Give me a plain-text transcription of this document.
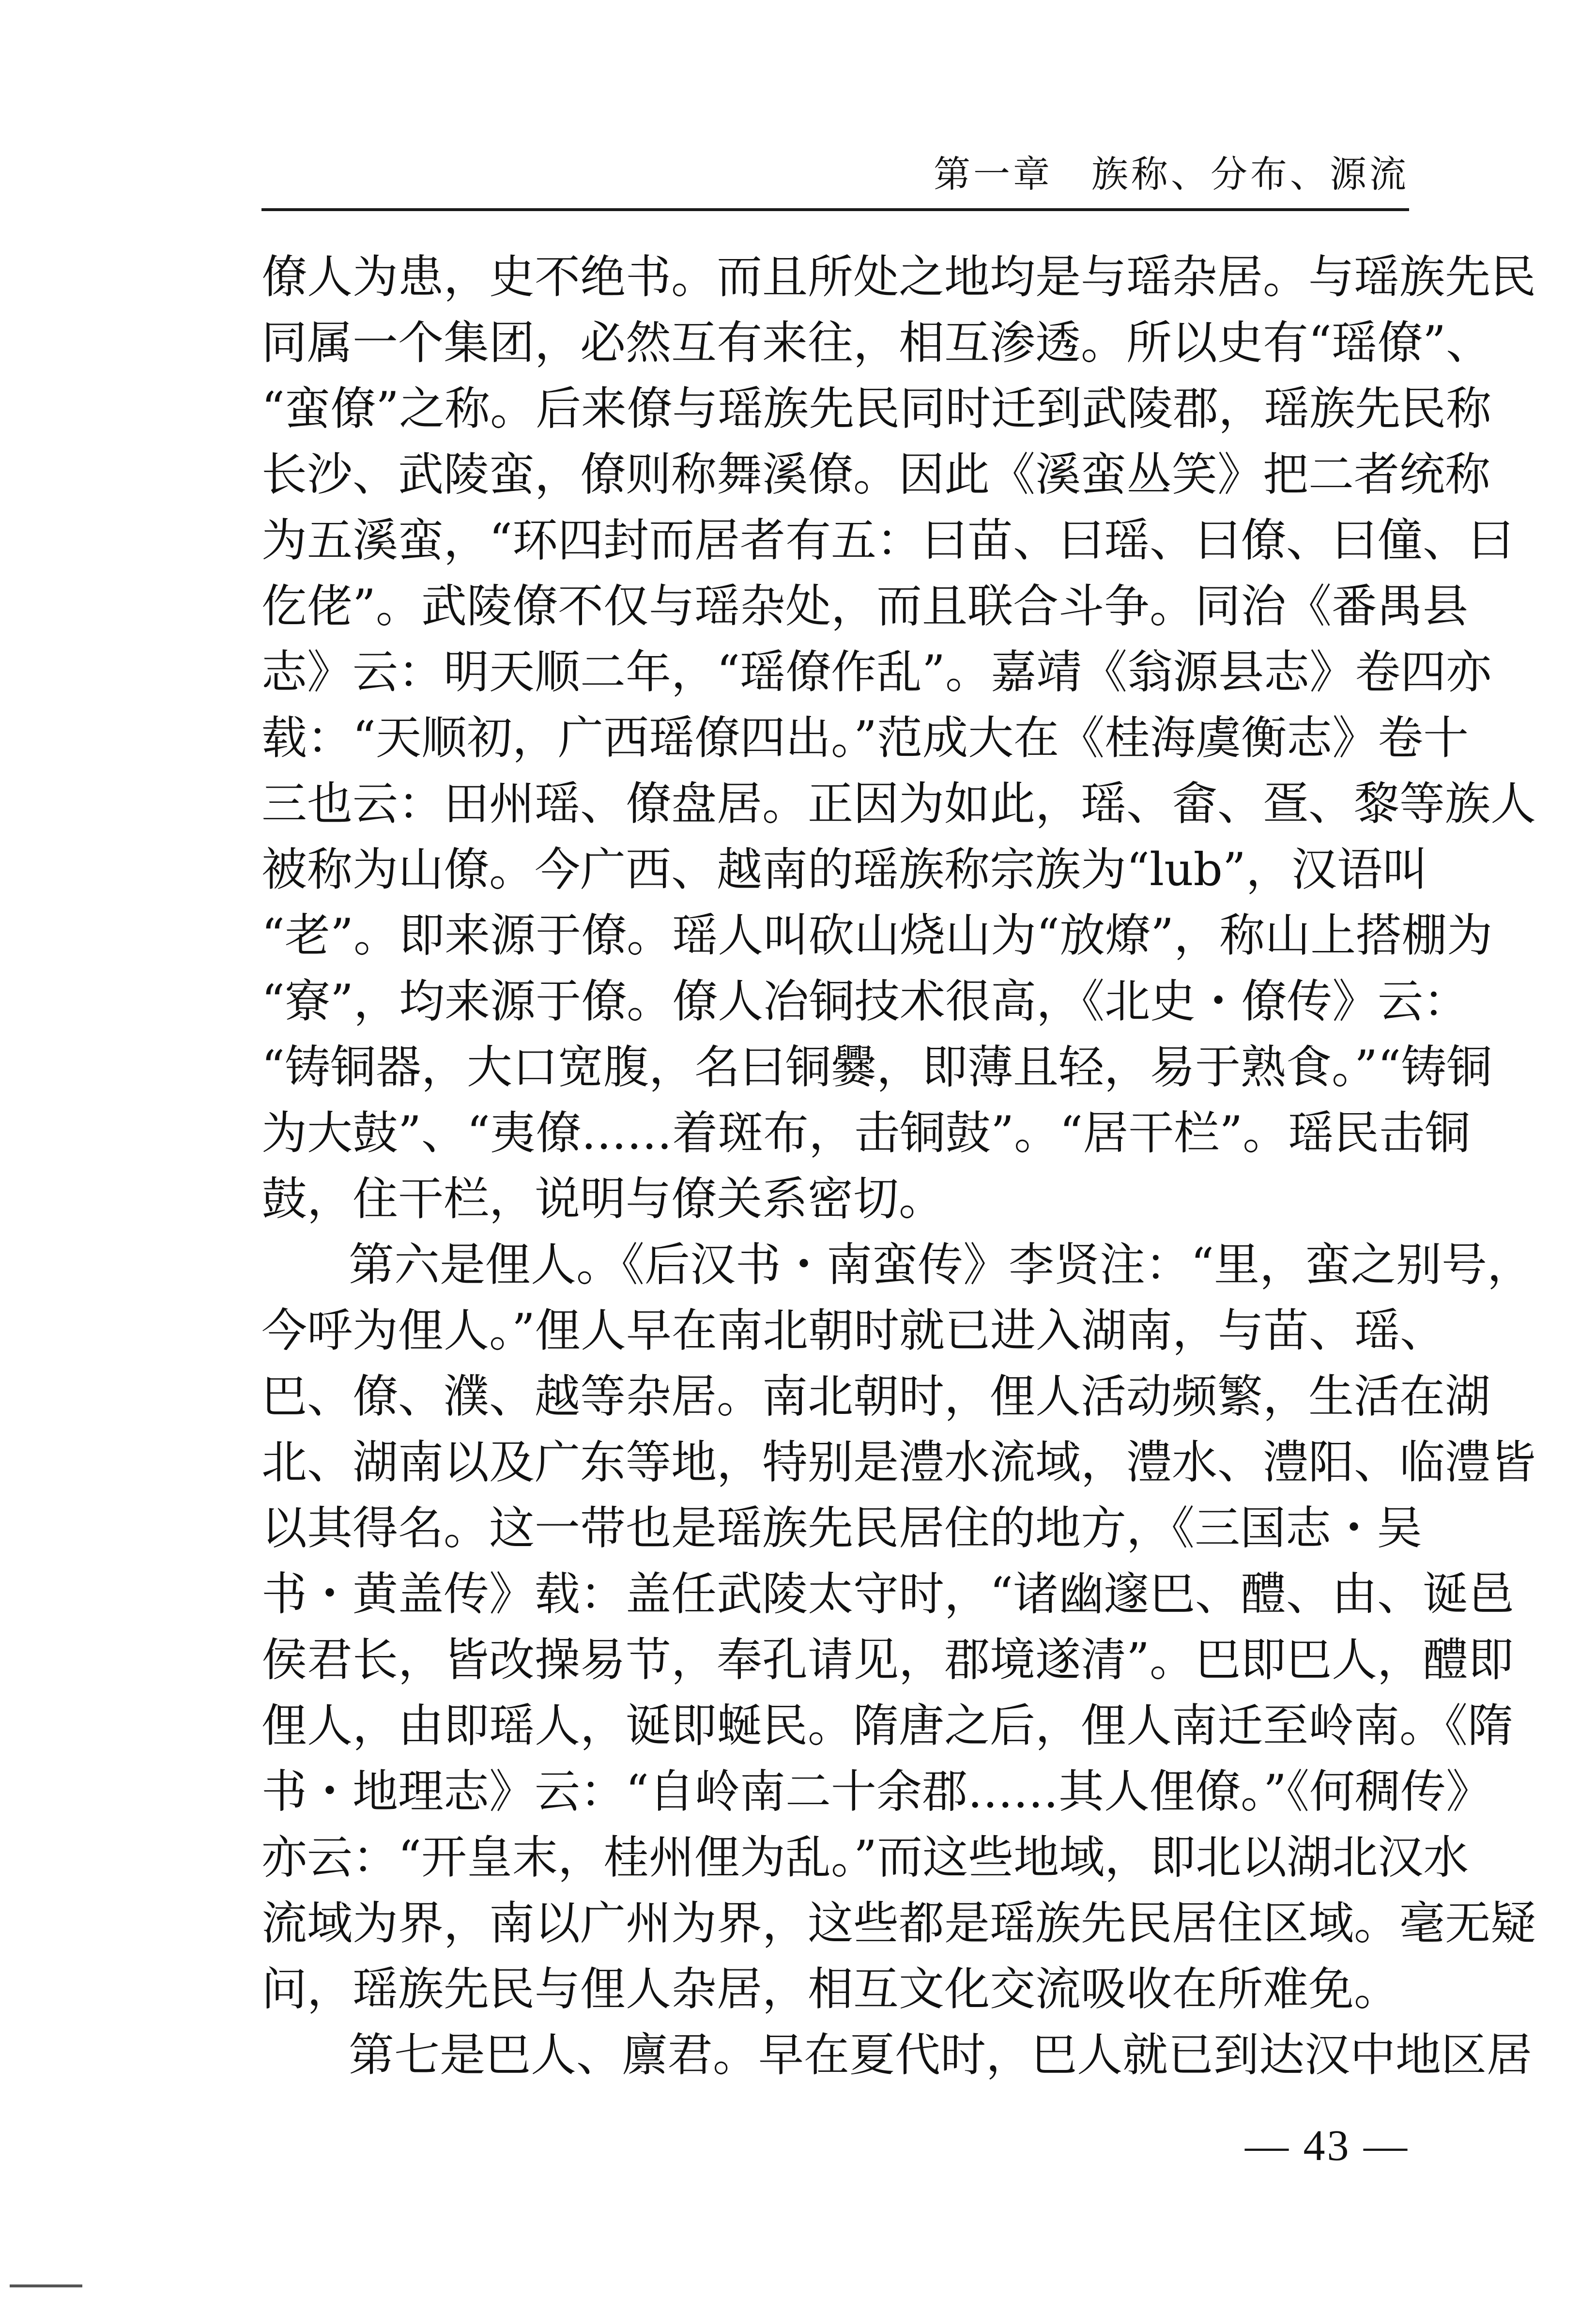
第一章 族称、分布、源流
僚人为患，史不绝书。而且所处之地均是与瑶杂居。与瑶族先民
同属一个集团，必然互有来往，相互渗透。所以史有“瑶僚”、
“蛮僚”之称。后来僚与瑶族先民同时迁到武陵郡，瑶族先民称
长沙、武陵蛮，僚则称舞溪僚。因此《溪蛮丛笑》把二者统称
为五溪蛮，“环四封而居者有五：曰苗、曰瑶、曰僚、曰僮、曰
仡佬”。武陵僚不仅与瑶杂处，而且联合斗争。同治《番禺县
志》云：明天顺二年，“瑶僚作乱”。嘉靖《翁源县志》卷四亦
载：“天顺初，广西瑶僚四出。”范成大在《桂海虞衡志》卷十
三也云：田州瑶、僚盘居。正因为如此，瑶、畲、疍、黎等族人
被称为山僚。今广西、越南的瑶族称宗族为“lub”，汉语叫
“老”。即来源于僚。瑶人叫砍山烧山为“放燎”，称山上搭棚为
“寮”，均来源于僚。僚人冶铜技术很高，《北史・僚传》云：
“铸铜器，大口宽腹，名曰铜爨，即薄且轻，易于熟食。”“铸铜
为大鼓”、“夷僚……着斑布，击铜鼓”。“居干栏”。瑶民击铜
鼓，住干栏，说明与僚关系密切。
第六是俚人。《后汉书・南蛮传》李贤注：“里，蛮之别号，
今呼为俚人。”俚人早在南北朝时就已进入湖南，与苗、瑶、
巴、僚、濮、越等杂居。南北朝时，俚人活动频繁，生活在湖
北、湖南以及广东等地，特别是澧水流域，澧水、澧阳、临澧皆
以其得名。这一带也是瑶族先民居住的地方，《三国志・吴
书・黄盖传》载：盖任武陵太守时，“诸幽邃巴、醴、由、诞邑
侯君长，皆改操易节，奉孔请见，郡境遂清”。巴即巴人，醴即
俚人，由即瑶人，诞即蜒民。隋唐之后，俚人南迁至岭南。《隋
书・地理志》云：“自岭南二十余郡……其人俚僚。”《何稠传》
亦云：“开皇末，桂州俚为乱。”而这些地域，即北以湖北汉水
流域为界，南以广州为界，这些都是瑶族先民居住区域。毫无疑
问，瑶族先民与俚人杂居，相互文化交流吸收在所难免。
第七是巴人、廪君。早在夏代时，巴人就已到达汉中地区居
— 43 —
